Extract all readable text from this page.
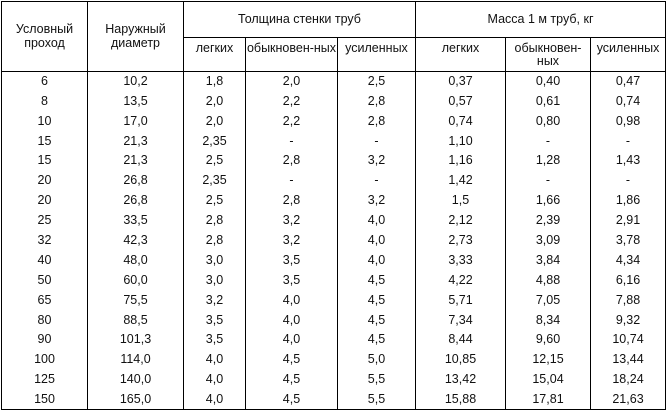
Условный проход	Наружный диаметр	Толщина стенки труб			Масса 1 м труб, кг		
		легких	обыкновен-ных	усиленных	легких	обыкновен-ных	усиленных
6	10,2	1,8	2,0	2,5	0,37	0,40	0,47
8	13,5	2,0	2,2	2,8	0,57	0,61	0,74
10	17,0	2,0	2,2	2,8	0,74	0,80	0,98
15	21,3	2,35	-	-	1,10	-	-
15	21,3	2,5	2,8	3,2	1,16	1,28	1,43
20	26,8	2,35	-	-	1,42	-	-
20	26,8	2,5	2,8	3,2	1,5	1,66	1,86
25	33,5	2,8	3,2	4,0	2,12	2,39	2,91
32	42,3	2,8	3,2	4,0	2,73	3,09	3,78
40	48,0	3,0	3,5	4,0	3,33	3,84	4,34
50	60,0	3,0	3,5	4,5	4,22	4,88	6,16
65	75,5	3,2	4,0	4,5	5,71	7,05	7,88
80	88,5	3,5	4,0	4,5	7,34	8,34	9,32
90	101,3	3,5	4,0	4,5	8,44	9,60	10,74
100	114,0	4,0	4,5	5,0	10,85	12,15	13,44
125	140,0	4,0	4,5	5,5	13,42	15,04	18,24
150	165,0	4,0	4,5	5,5	15,88	17,81	21,63
